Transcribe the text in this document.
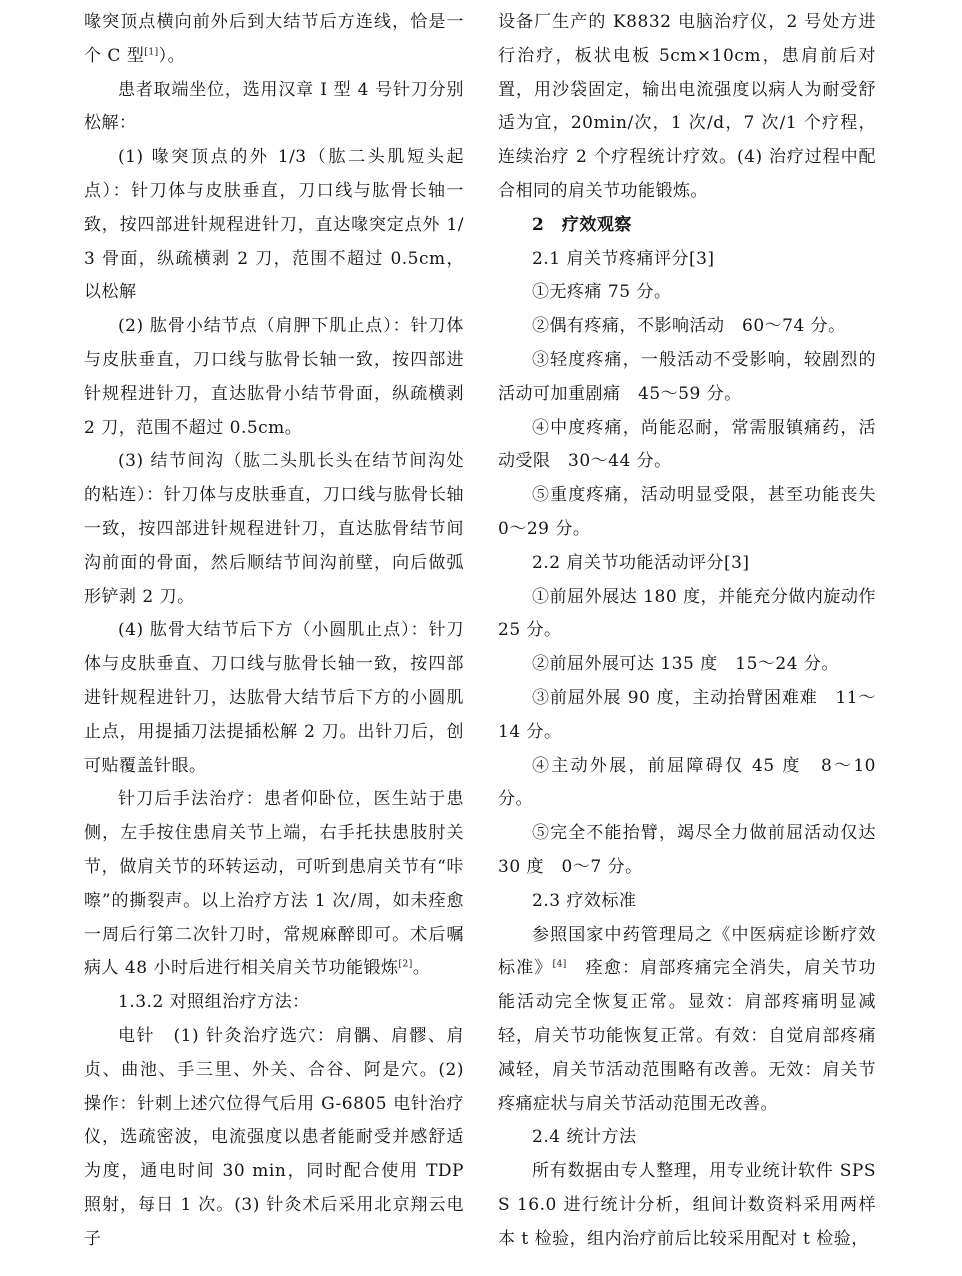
喙突顶点横向前外后到大结节后方连线，恰是一个 C 型[1]）。

患者取端坐位，选用汉章 I 型 4 号针刀分别松解：

(1) 喙突顶点的外 1/3（肱二头肌短头起点）：针刀体与皮肤垂直，刀口线与肱骨长轴一致，按四部进针规程进针刀，直达喙突定点外 1/3 骨面，纵疏横剥 2 刀，范围不超过 0.5cm，以松解

(2) 肱骨小结节点（肩胛下肌止点）：针刀体与皮肤垂直，刀口线与肱骨长轴一致，按四部进针规程进针刀，直达肱骨小结节骨面，纵疏横剥 2 刀，范围不超过 0.5cm。

(3) 结节间沟（肱二头肌长头在结节间沟处的粘连）：针刀体与皮肤垂直，刀口线与肱骨长轴一致，按四部进针规程进针刀，直达肱骨结节间沟前面的骨面，然后顺结节间沟前壁，向后做弧形铲剥 2 刀。

(4) 肱骨大结节后下方（小圆肌止点）：针刀体与皮肤垂直、刀口线与肱骨长轴一致，按四部进针规程进针刀，达肱骨大结节后下方的小圆肌止点，用提插刀法提插松解 2 刀。出针刀后，创可贴覆盖针眼。

针刀后手法治疗：患者仰卧位，医生站于患侧，左手按住患肩关节上端，右手托扶患肢肘关节，做肩关节的环转运动，可听到患肩关节有“咔嚓”的撕裂声。以上治疗方法 1 次/周，如未痊愈一周后行第二次针刀时，常规麻醉即可。术后嘱病人 48 小时后进行相关肩关节功能锻炼[2]。

1.3.2 对照组治疗方法：

电针　(1) 针灸治疗选穴：肩髃、肩髎、肩贞、曲池、手三里、外关、合谷、阿是穴。(2) 操作：针刺上述穴位得气后用 G-6805 电针治疗仪，选疏密波，电流强度以患者能耐受并感舒适为度，通电时间 30 min，同时配合使用 TDP 照射，每日 1 次。(3) 针灸术后采用北京翔云电子

设备厂生产的 K8832 电脑治疗仪，2 号处方进行治疗，板状电板 5cm×10cm，患肩前后对置，用沙袋固定，输出电流强度以病人为耐受舒适为宜，20min/次，1 次/d，7 次/1 个疗程，连续治疗 2 个疗程统计疗效。(4) 治疗过程中配合相同的肩关节功能锻炼。

2　疗效观察

2.1 肩关节疼痛评分[3]

①无疼痛 75 分。

②偶有疼痛，不影响活动　60～74 分。

③轻度疼痛，一般活动不受影响，较剧烈的活动可加重剧痛　45～59 分。

④中度疼痛，尚能忍耐，常需服镇痛药，活动受限　30～44 分。

⑤重度疼痛，活动明显受限，甚至功能丧失 0～29 分。

2.2 肩关节功能活动评分[3]

①前屈外展达 180 度，并能充分做内旋动作 25 分。

②前屈外展可达 135 度　15～24 分。

③前屈外展 90 度，主动抬臂困难难　11～14 分。

④主动外展，前屈障碍仅 45 度　8～10 分。

⑤完全不能抬臂，竭尽全力做前屈活动仅达 30 度　0～7 分。

2.3 疗效标准

参照国家中药管理局之《中医病症诊断疗效标准》[4]　痊愈：肩部疼痛完全消失，肩关节功能活动完全恢复正常。显效：肩部疼痛明显减轻，肩关节功能恢复正常。有效：自觉肩部疼痛减轻，肩关节活动范围略有改善。无效：肩关节疼痛症状与肩关节活动范围无改善。

2.4 统计方法

所有数据由专人整理，用专业统计软件 SPSS 16.0 进行统计分析，组间计数资料采用两样本 t 检验，组内治疗前后比较采用配对 t 检验，
